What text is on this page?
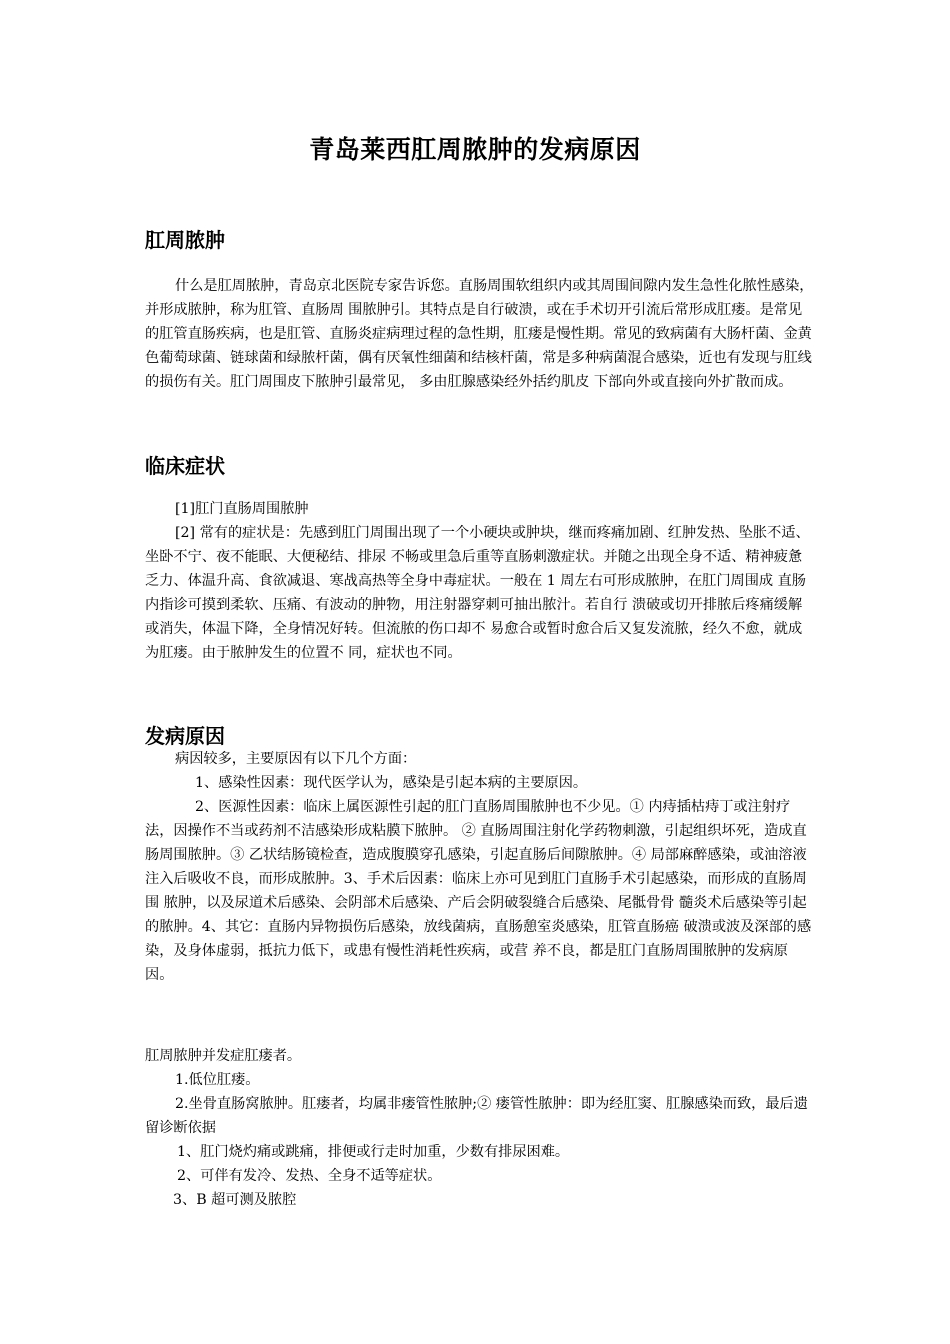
青岛莱西肛周脓肿的发病原因
肛周脓肿

什么是肛周脓肿，青岛京北医院专家告诉您。直肠周围软组织内或其周围间隙内发生急性化脓性感染，并形成脓肿，称为肛管、直肠周 围脓肿引。其特点是自行破溃，或在手术切开引流后常形成肛瘘。是常见的肛管直肠疾病，也是肛管、直肠炎症病理过程的急性期，肛瘘是慢性期。常见的致病菌有大肠杆菌、金黄 色葡萄球菌、链球菌和绿脓杆菌，偶有厌氧性细菌和结核杆菌，常是多种病菌混合感染，近也有发现与肛线的损伤有关。肛门周围皮下脓肿引最常见， 多由肛腺感染经外括约肌皮 下部向外或直接向外扩散而成。

临床症状

[1]肛门直肠周围脓肿

[2] 常有的症状是：先感到肛门周围出现了一个小硬块或肿块，继而疼痛加剧、红肿发热、坠胀不适、坐卧不宁、夜不能眠、大便秘结、排尿 不畅或里急后重等直肠刺激症状。并随之出现全身不适、精神疲惫乏力、体温升高、食欲减退、寒战高热等全身中毒症状。一般在 1 周左右可形成脓肿，在肛门周围成 直肠内指诊可摸到柔软、压痛、有波动的肿物，用注射器穿刺可抽出脓汁。若自行 溃破或切开排脓后疼痛缓解或消失，体温下降，全身情况好转。但流脓的伤口却不 易愈合或暂时愈合后又复发流脓，经久不愈，就成为肛瘘。由于脓肿发生的位置不 同，症状也不同。

发病原因

病因较多，主要原因有以下几个方面：

1、感染性因素：现代医学认为，感染是引起本病的主要原因。

2、医源性因素：临床上属医源性引起的肛门直肠周围脓肿也不少见。① 内痔插枯痔丁或注射疗法，因操作不当或药剂不洁感染形成粘膜下脓肿。 ② 直肠周围注射化学药物刺激，引起组织坏死，造成直肠周围脓肿。③ 乙状结肠镜检查，造成腹膜穿孔感染，引起直肠后间隙脓肿。④ 局部麻醉感染，或油溶液注入后吸收不良，而形成脓肿。3、手术后因素：临床上亦可见到肛门直肠手术引起感染，而形成的直肠周围 脓肿，以及尿道术后感染、会阴部术后感染、产后会阴破裂缝合后感染、尾骶骨骨 髓炎术后感染等引起的脓肿。4、其它：直肠内异物损伤后感染，放线菌病，直肠憩室炎感染，肛管直肠癌 破溃或波及深部的感染，及身体虚弱，抵抗力低下，或患有慢性消耗性疾病，或营 养不良，都是肛门直肠周围脓肿的发病原因。

肛周脓肿并发症肛瘘者。

1.低位肛瘘。

2.坐骨直肠窝脓肿。肛瘘者，均属非瘘管性脓肿;② 瘘管性脓肿：即为经肛窦、肛腺感染而致，最后遗留诊断依据

1、肛门烧灼痛或跳痛，排便或行走时加重，少数有排尿困难。

2、可伴有发冷、发热、全身不适等症状。

3、B 超可测及脓腔
